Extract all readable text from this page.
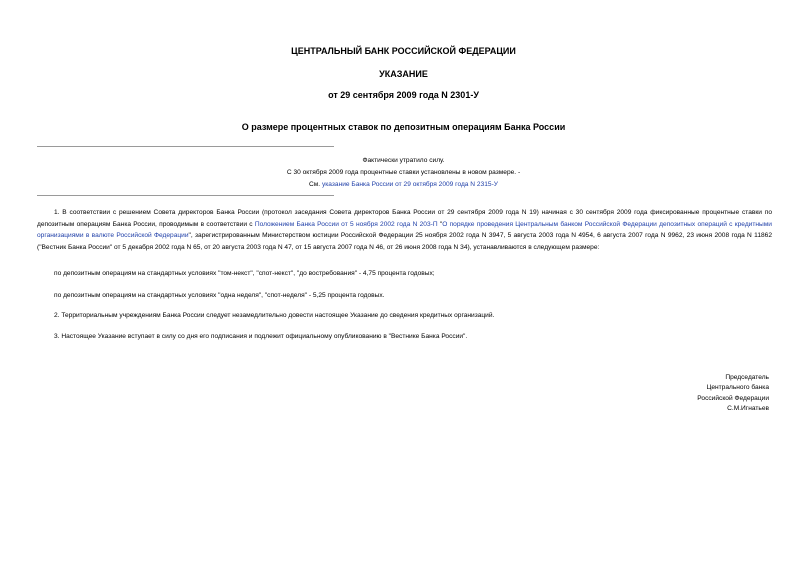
ЦЕНТРАЛЬНЫЙ БАНК РОССИЙСКОЙ ФЕДЕРАЦИИ
УКАЗАНИЕ
от 29 сентября 2009 года N 2301-У
О размере процентных ставок по депозитным операциям Банка России
Фактически утратило силу.
С 30 октября 2009 года процентные ставки установлены в новом размере. -
См. указание Банка России от 29 октября 2009 года N 2315-У

1. В соответствии с решением Совета директоров Банка России (протокол заседания Совета директоров Банка России от 29 сентября 2009 года N 19) начиная с 30 сентября 2009 года фиксированные процентные ставки по депозитным операциям Банка России, проводимым в соответствии с Положением Банка России от 5 ноября 2002 года N 203-П "О порядке проведения Центральным банком Российской Федерации депозитных операций с кредитными организациями в валюте Российской Федерации", зарегистрированным Министерством юстиции Российской Федерации 25 ноября 2002 года N 3947, 5 августа 2003 года N 4954, 6 августа 2007 года N 9962, 23 июня 2008 года N 11862 ("Вестник Банка России" от 5 декабря 2002 года N 65, от 20 августа 2003 года N 47, от 15 августа 2007 года N 46, от 26 июня 2008 года N 34), устанавливаются в следующем размере:

по депозитным операциям на стандартных условиях "том-некст", "спот-некст", "до востребования" - 4,75 процента годовых;

по депозитным операциям на стандартных условиях "одна неделя", "спот-неделя" - 5,25 процента годовых.

2. Территориальным учреждениям Банка России следует незамедлительно довести настоящее Указание до сведения кредитных организаций.

3. Настоящее Указание вступает в силу со дня его подписания и подлежит официальному опубликованию в "Вестнике Банка России".

Председатель
Центрального банка
Российской Федерации
С.М.Игнатьев
